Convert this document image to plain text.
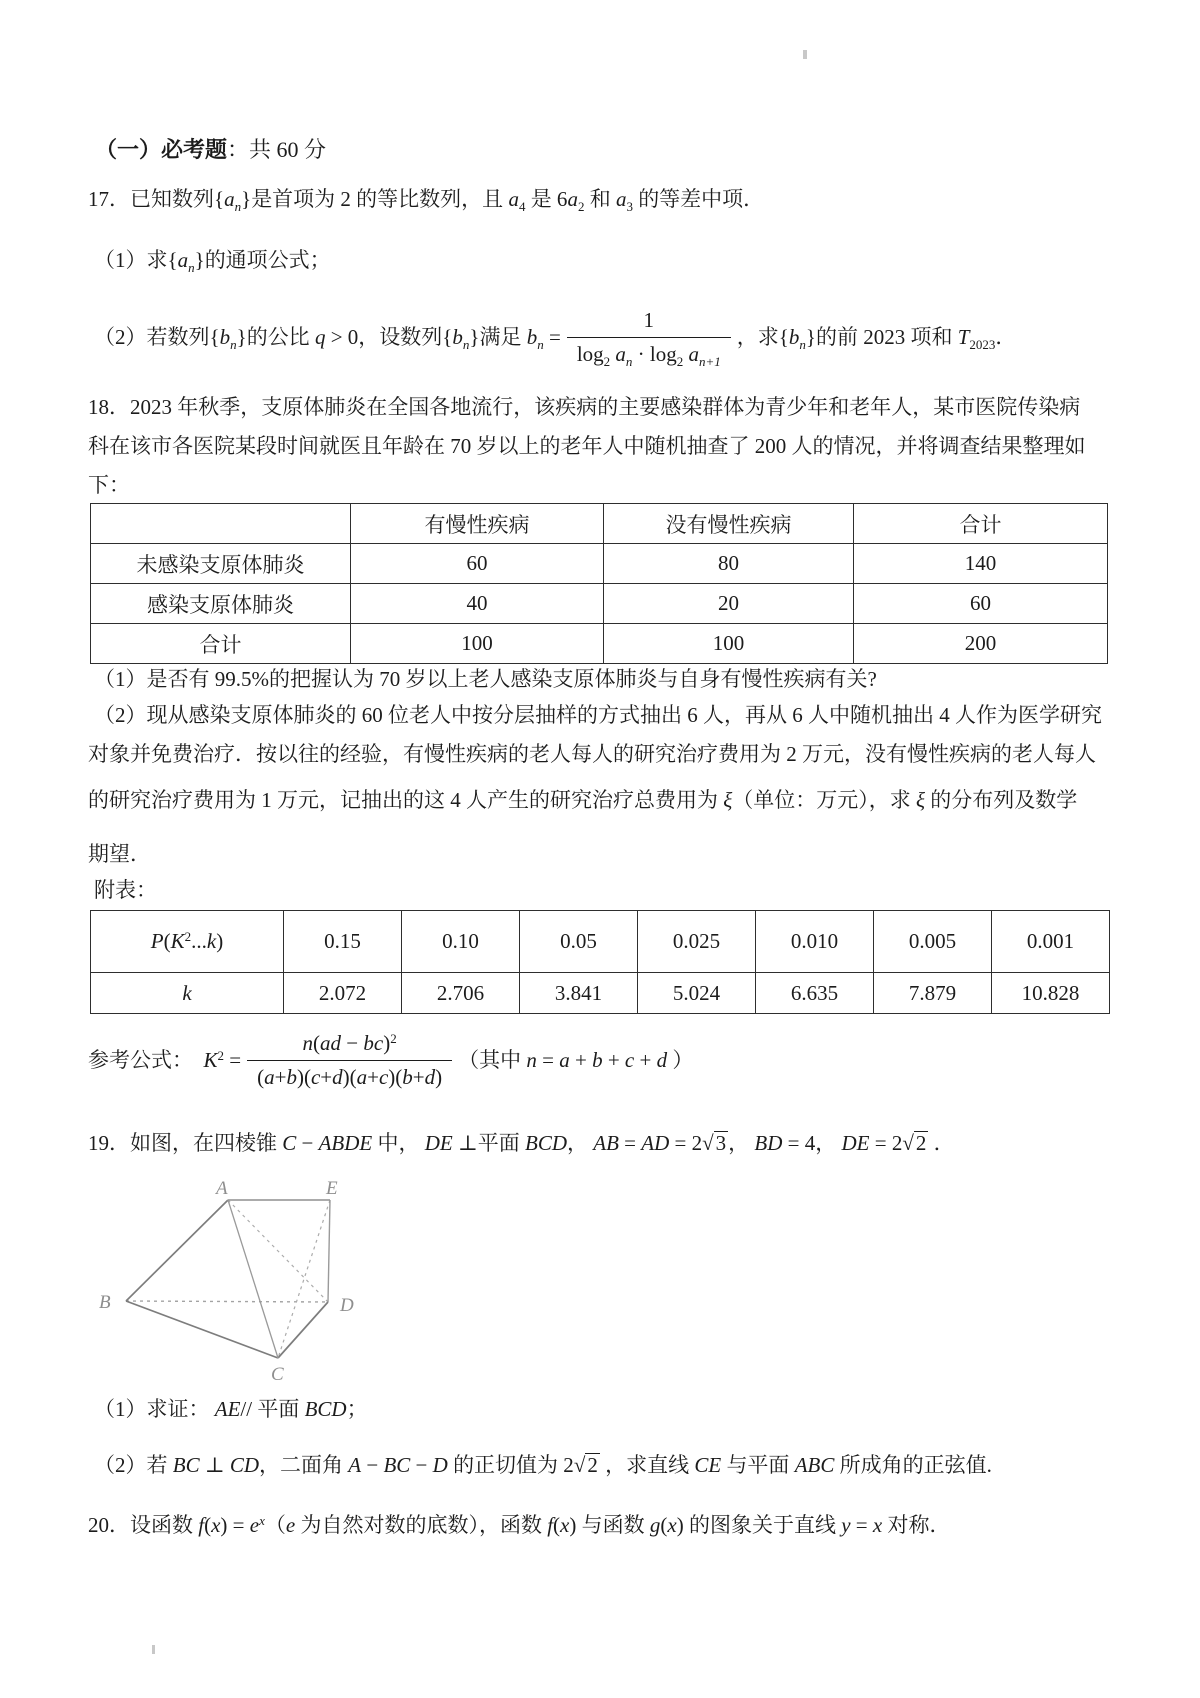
（一）必考题：共 60 分
17．已知数列$\{a_n\}$是首项为 2 的等比数列，且 $a_4$ 是 $6a_2$ 和 $a_3$ 的等差中项．
（1）求$\{a_n\}$的通项公式；
（2）若数列$\{b_n\}$的公比 q > 0，设数列$\{b_n\}$满足 $b_n = \frac{1}{\log_2 a_n \cdot \log_2 a_{n+1}}$ ，求$\{b_n\}$的前 2023 项和 $T_{2023}$．
18．2023 年秋季，支原体肺炎在全国各地流行，该疾病的主要感染群体为青少年和老年人，某市医院传染病
科在该市各医院某段时间就医且年龄在 70 岁以上的老年人中随机抽查了 200 人的情况，并将调查结果整理如
下：
	有慢性疾病	没有慢性疾病	合计
未感染支原体肺炎	60	80	140
感染支原体肺炎	40	20	60
合计	100	100	200
（1）是否有 99.5%的把握认为 70 岁以上老人感染支原体肺炎与自身有慢性疾病有关?
（2）现从感染支原体肺炎的 60 位老人中按分层抽样的方式抽出 6 人，再从 6 人中随机抽出 4 人作为医学研究
对象并免费治疗．按以往的经验，有慢性疾病的老人每人的研究治疗费用为 2 万元，没有慢性疾病的老人每人
的研究治疗费用为 1 万元，记抽出的这 4 人产生的研究治疗总费用为 ξ（单位：万元），求 ξ 的分布列及数学
期望．
附表：
$P(K^2...k)$	0.15	0.10	0.05	0.025	0.010	0.005	0.001
k	2.072	2.706	3.841	5.024	6.635	7.879	10.828
参考公式：　$K^2 = \frac{n(ad - bc)^2}{(a+b)(c+d)(a+c)(b+d)}$ （其中 n = a + b + c + d ）
19．如图，在四棱锥 C − ABDE 中， DE ⊥平面 BCD， AB = AD = 2√3， BD = 4， DE = 2√2 ．
A	E
B	D
C
（1）求证： AE// 平面 BCD；
（2）若 BC ⊥ CD，二面角 A − BC − D 的正切值为 2√2 ，求直线 CE 与平面 ABC 所成角的正弦值.
20．设函数 $f(x) = e^x(e$ 为自然对数的底数），函数 f(x) 与函数 g(x) 的图象关于直线 y = x 对称．
